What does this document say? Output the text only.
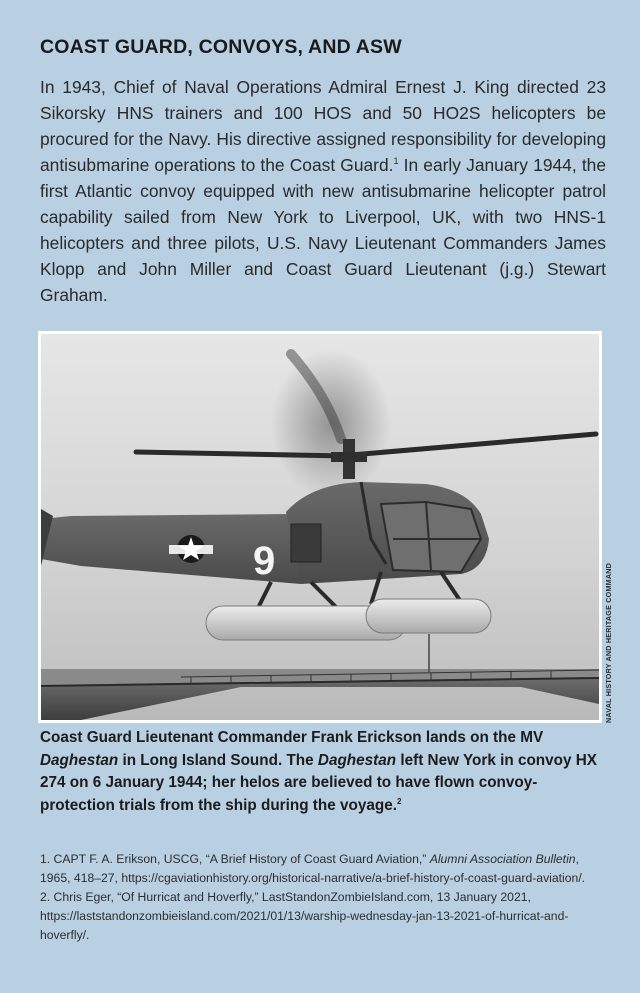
COAST GUARD, CONVOYS, AND ASW

In 1943, Chief of Naval Operations Admiral Ernest J. King directed 23 Sikorsky HNS trainers and 100 HOS and 50 HO2S helicopters be procured for the Navy. His directive assigned responsibility for developing antisubmarine operations to the Coast Guard.$^1$ In early January 1944, the first Atlantic convoy equipped with new antisubmarine helicopter patrol capability sailed from New York to Liverpool, UK, with two HNS-1 helicopters and three pilots, U.S. Navy Lieutenant Commanders James Klopp and John Miller and Coast Guard Lieutenant (j.g.) Stewart Graham.

9
NAVAL HISTORY AND HERITAGE COMMAND

Coast Guard Lieutenant Commander Frank Erickson lands on the MV Daghestan in Long Island Sound. The Daghestan left New York in convoy HX 274 on 6 January 1944; her helos are believed to have flown convoy-protection trials from the ship during the voyage.$^2$

1. CAPT F. A. Erikson, USCG, “A Brief History of Coast Guard Aviation,” Alumni Association Bulletin, 1965, 418–27, https://cgaviationhistory.org/historical-narrative/a-brief-history-of-coast-guard-aviation/.

2. Chris Eger, “Of Hurricat and Hoverfly,” LastStandonZombieIsland.com, 13 January 2021, https://laststandonzombieisland.com/2021/01/13/warship-wednesday-jan-13-2021-of-hurricat-and-hoverfly/.
